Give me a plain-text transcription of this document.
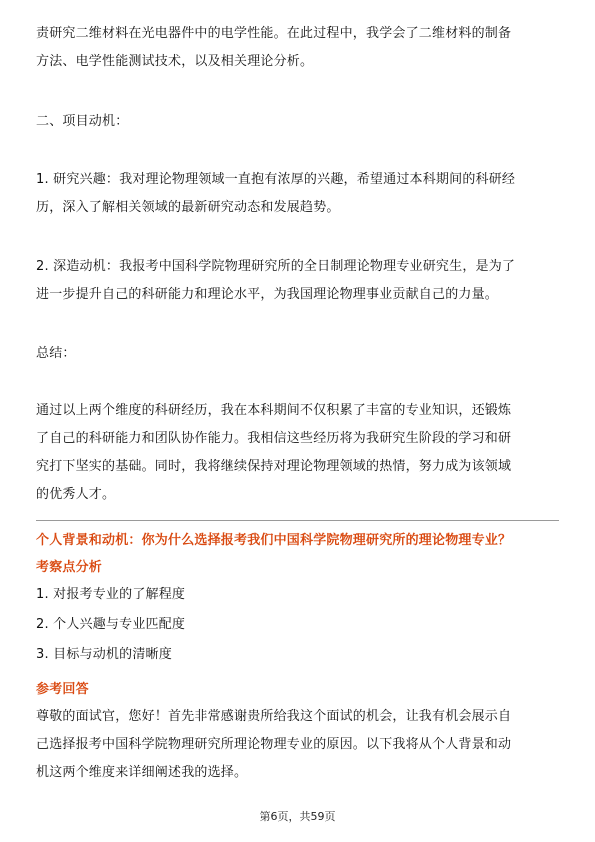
责研究二维材料在光电器件中的电学性能。在此过程中，我学会了二维材料的制备

方法、电学性能测试技术，以及相关理论分析。

二、项目动机：

1. 研究兴趣：我对理论物理领域一直抱有浓厚的兴趣，希望通过本科期间的科研经

历，深入了解相关领域的最新研究动态和发展趋势。

2. 深造动机：我报考中国科学院物理研究所的全日制理论物理专业研究生，是为了

进一步提升自己的科研能力和理论水平，为我国理论物理事业贡献自己的力量。

总结：

通过以上两个维度的科研经历，我在本科期间不仅积累了丰富的专业知识，还锻炼

了自己的科研能力和团队协作能力。我相信这些经历将为我研究生阶段的学习和研

究打下坚实的基础。同时，我将继续保持对理论物理领域的热情，努力成为该领域

的优秀人才。

个人背景和动机：你为什么选择报考我们中国科学院物理研究所的理论物理专业？

考察点分析

1. 对报考专业的了解程度

2. 个人兴趣与专业匹配度

3. 目标与动机的清晰度

参考回答

尊敬的面试官，您好！首先非常感谢贵所给我这个面试的机会，让我有机会展示自

己选择报考中国科学院物理研究所理论物理专业的原因。以下我将从个人背景和动

机这两个维度来详细阐述我的选择。

第6页，共59页
